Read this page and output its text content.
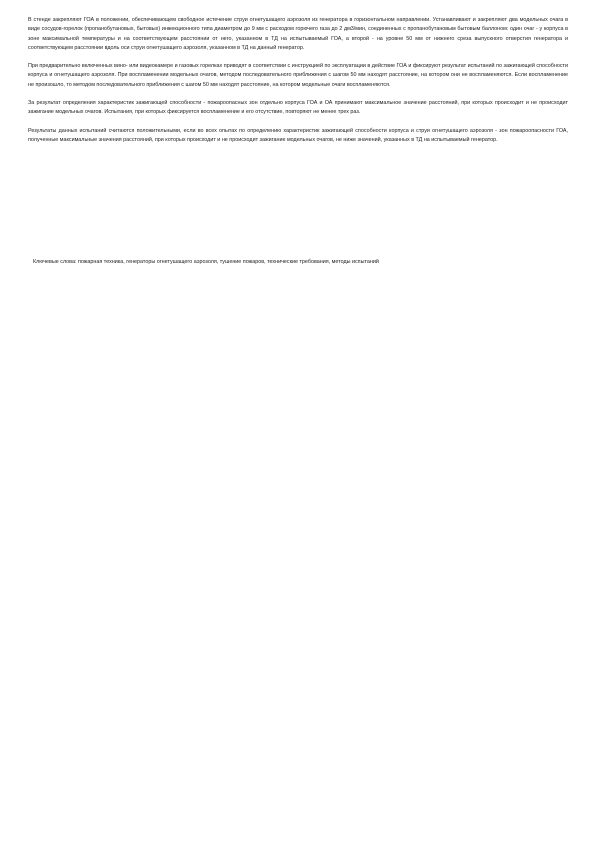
В стенде закрепляют ГОА в положении, обеспечивающем свободное истечение струи огнетушащего аэрозоля из генератора в горизонтальном направлении. Устанавливают и закрепляют два модельных очага в виде сосудов-горелок (пропанобутановых, бытовых) инжекционного типа диаметром до 9 мм с расходом горючего газа до 2 дм3/мин, соединенных с пропанобутановым бытовым баллоном: один очаг - у корпуса в зоне максимальной температуры и на соответствующем расстоянии от него, указанном в ТД на испытываемый ГОА, а второй - на уровне 50 мм от нижнего среза выпускного отверстия генератора и соответствующем расстоянии вдоль оси струи огнетушащего аэрозоля, указанном в ТД на данный генератор.

При предварительно включенных вино- или видеокамере и газовых горелках приводят в соответствии с инструкцией по эксплуатации в действие ГОА и фиксируют результат испытаний по зажигающей способности корпуса и огнетушащего аэрозоля. При воспламенении модельных очагов, методом последовательного приближения с шагом 50 мм находят расстояние, на котором они не воспламеняются. Если воспламенение не произошло, то методом последовательного приближения с шагом 50 мм находят расстояние, на котором модельные очаги воспламеняются.

За результат определения характеристик зажигающей способности - пожароопасных зон отдельно корпуса ГОА и ОА принимают максимальное значение расстояний, при которых происходит и не происходит зажигание модельных очагов. Испытания, при которых фиксируется воспламенение и его отсутствие, повторяют не менее трех раз.

Результаты данных испытаний считаются положительными, если во всех опытах по определению характеристик зажигающей способности корпуса и струи огнетушащего аэрозоля - зон пожароопасности ГОА, полученные максимальные значения расстояний, при которых происходит и не происходит зажигание модельных очагов, не ниже значений, указанных в ТД на испытываемый генератор.

Ключевые слова: пожарная техника, генераторы огнетушащего аэрозоля, тушение пожаров, технические требования, методы испытаний
